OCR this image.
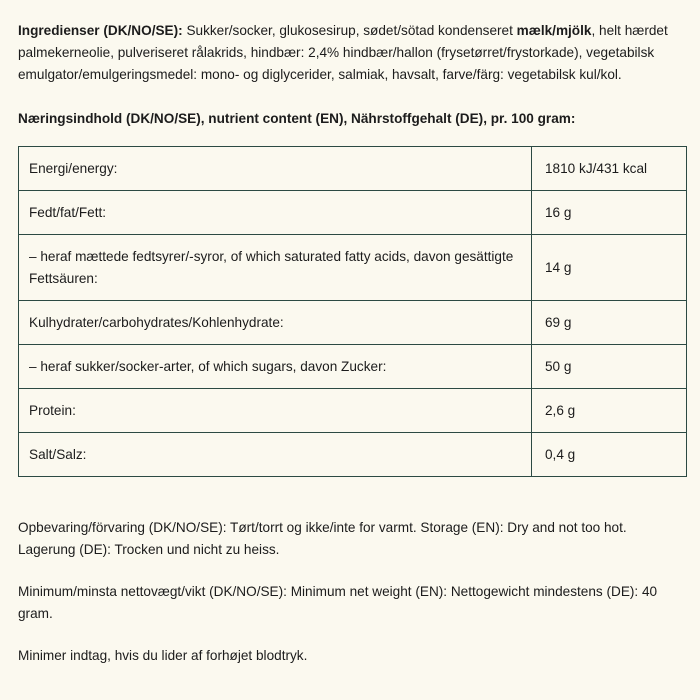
Ingredienser (DK/NO/SE): Sukker/socker, glukosesirup, sødet/sötad kondenseret mælk/mjölk, helt hærdet palmekerneolie, pulveriseret rålakrids, hindbær: 2,4% hindbær/hallon (frysetørret/frystorkade), vegetabilsk emulgator/emulgeringsmedel: mono- og diglycerider, salmiak, havsalt, farve/färg: vegetabilsk kul/kol.

Næringsindhold (DK/NO/SE), nutrient content (EN), Nährstoffgehalt (DE), pr. 100 gram:

Energi/energy:	1810 kJ/431 kcal
Fedt/fat/Fett:	16 g
– heraf mættede fedtsyrer/-syror, of which saturated fatty acids, davon gesättigte Fettsäuren:	14 g
Kulhydrater/carbohydrates/Kohlenhydrate:	69 g
– heraf sukker/socker-arter, of which sugars, davon Zucker:	50 g
Protein:	2,6 g
Salt/Salz:	0,4 g

Opbevaring/förvaring (DK/NO/SE): Tørt/torrt og ikke/inte for varmt. Storage (EN): Dry and not too hot. Lagerung (DE): Trocken und nicht zu heiss.

Minimum/minsta nettovægt/vikt (DK/NO/SE): Minimum net weight (EN): Nettogewicht mindestens (DE): 40 gram.

Minimer indtag, hvis du lider af forhøjet blodtryk.
